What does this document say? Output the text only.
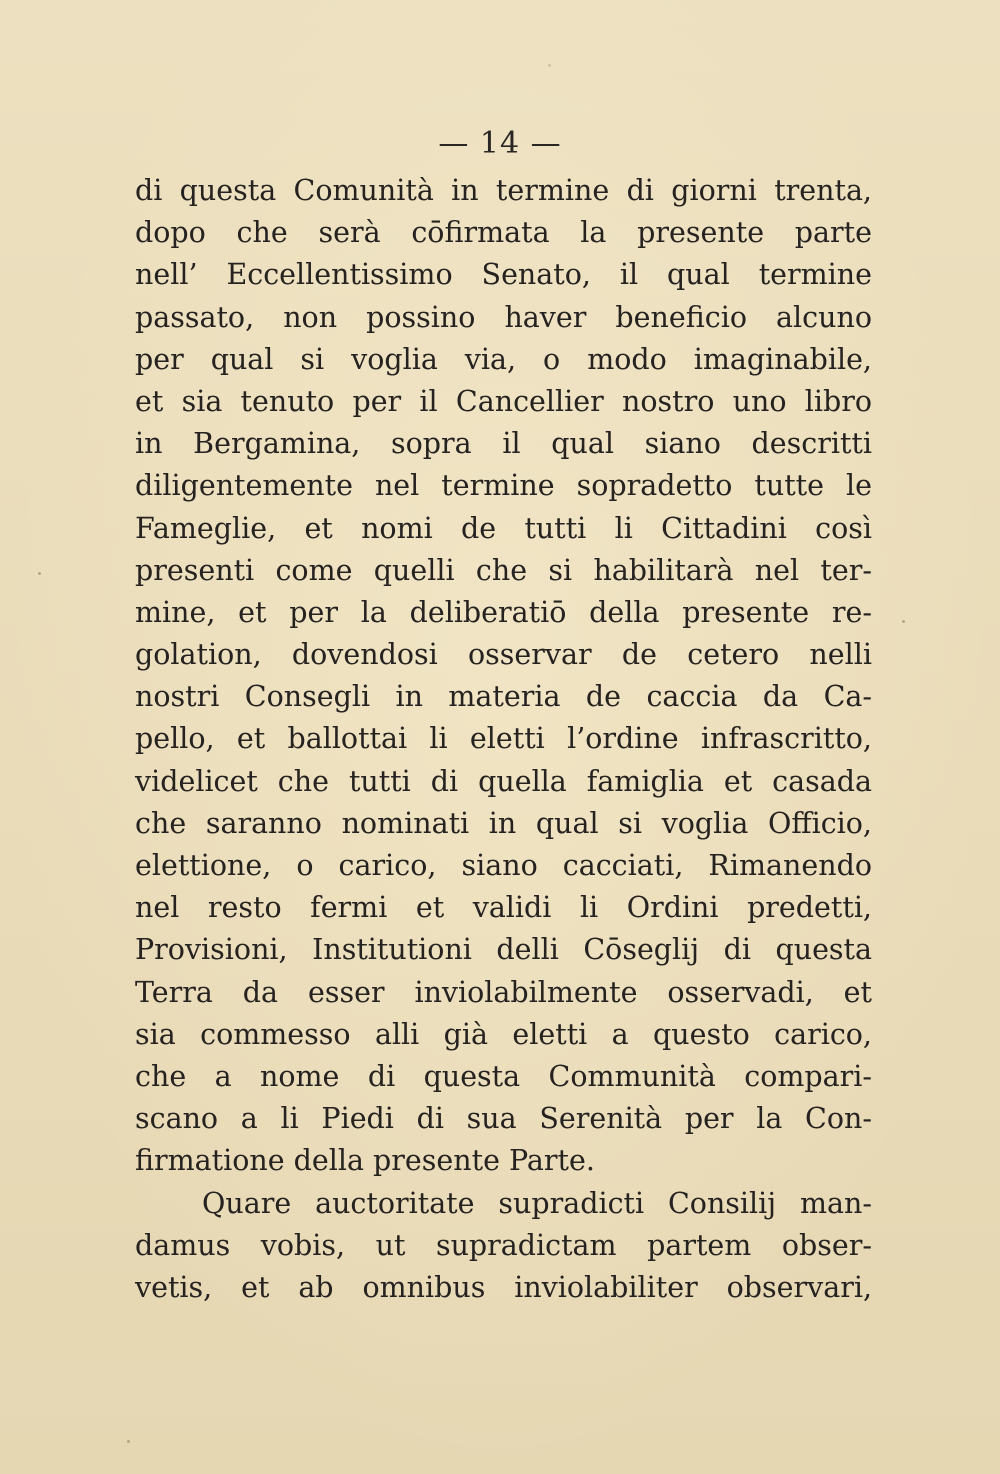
— 14 —
di questa Comunità in termine di giorni trenta,
dopo che serà cōfirmata la presente parte
nell’ Eccellentissimo Senato, il qual termine
passato, non possino haver beneficio alcuno
per qual si voglia via, o modo imaginabile,
et sia tenuto per il Cancellier nostro uno libro
in Bergamina, sopra il qual siano descritti
diligentemente nel termine sopradetto tutte le
Fameglie, et nomi de tutti li Cittadini così
presenti come quelli che si habilitarà nel ter-
mine, et per la deliberatiō della presente re-
golation, dovendosi osservar de cetero nelli
nostri Consegli in materia de caccia da Ca-
pello, et ballottai li eletti l’ordine infrascritto,
videlicet che tutti di quella famiglia et casada
che saranno nominati in qual si voglia Officio,
elettione, o carico, siano cacciati, Rimanendo
nel resto fermi et validi li Ordini predetti,
Provisioni, Institutioni delli Cōseglij di questa
Terra da esser inviolabilmente osservadi, et
sia commesso alli già eletti a questo carico,
che a nome di questa Communità compari-
scano a li Piedi di sua Serenità per la Con-
firmatione della presente Parte.
Quare auctoritate supradicti Consilij man-
damus vobis, ut supradictam partem obser-
vetis, et ab omnibus inviolabiliter observari,
